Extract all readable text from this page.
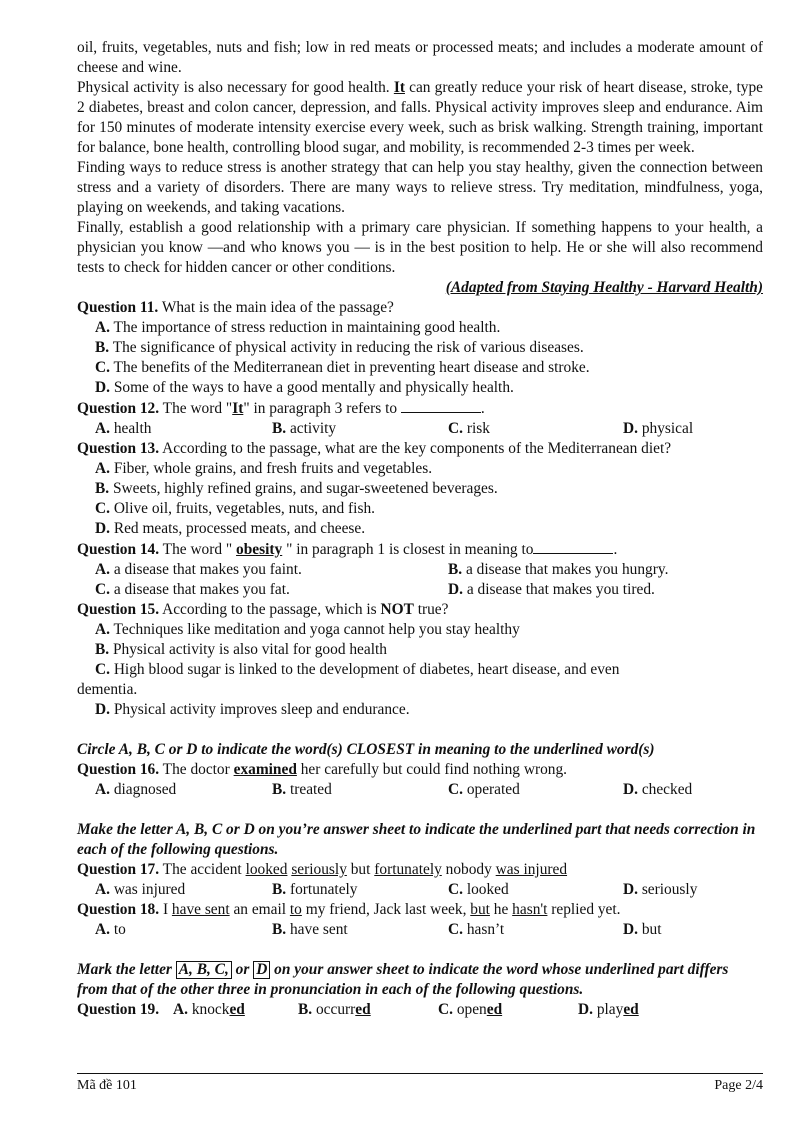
oil, fruits, vegetables, nuts and fish; low in red meats or processed meats; and includes a moderate amount of cheese and wine.

Physical activity is also necessary for good health. It can greatly reduce your risk of heart disease, stroke, type 2 diabetes, breast and colon cancer, depression, and falls. Physical activity improves sleep and endurance. Aim for 150 minutes of moderate intensity exercise every week, such as brisk walking. Strength training, important for balance, bone health, controlling blood sugar, and mobility, is recommended 2-3 times per week.

Finding ways to reduce stress is another strategy that can help you stay healthy, given the connection between stress and a variety of disorders. There are many ways to relieve stress. Try meditation, mindfulness, yoga, playing on weekends, and taking vacations.

Finally, establish a good relationship with a primary care physician. If something happens to your health, a physician you know —and who knows you — is in the best position to help. He or she will also recommend tests to check for hidden cancer or other conditions.

(Adapted from Staying Healthy - Harvard Health)

Question 11. What is the main idea of the passage?

A. The importance of stress reduction in maintaining good health.

B. The significance of physical activity in reducing the risk of various diseases.

C. The benefits of the Mediterranean diet in preventing heart disease and stroke.

D. Some of the ways to have a good mentally and physically health.

Question 12. The word "It" in paragraph 3 refers to	.

A. health	B. activity	C. risk	D. physical

Question 13. According to the passage, what are the key components of the Mediterranean diet?

A. Fiber, whole grains, and fresh fruits and vegetables.

B. Sweets, highly refined grains, and sugar-sweetened beverages.

C. Olive oil, fruits, vegetables, nuts, and fish.

D. Red meats, processed meats, and cheese.

Question 14. The word " obesity " in paragraph 1 is closest in meaning to	.

A. a disease that makes you faint.	B. a disease that makes you hungry.
C. a disease that makes you fat.	D. a disease that makes you tired.

Question 15. According to the passage, which is NOT true?

A. Techniques like meditation and yoga cannot help you stay healthy

B. Physical activity is also vital for good health

C. High blood sugar is linked to the development of diabetes, heart disease, and even

dementia.

D. Physical activity improves sleep and endurance.

Circle A, B, C or D to indicate the word(s) CLOSEST in meaning to the underlined word(s)

Question 16. The doctor examined her carefully but could find nothing wrong.

A. diagnosed	B. treated	C. operated	D. checked

Make the letter A, B, C or D on you’re answer sheet to indicate the underlined part that needs correction in each of the following questions.

Question 17. The accident looked seriously but fortunately nobody was injured

A. was injured	B. fortunately	C. looked	D. seriously

Question 18. I have sent an email to my friend, Jack last week, but he hasn't replied yet.

A. to	B. have sent	C. hasn’t	D. but

Mark the letter A, B, C, or D on your answer sheet to indicate the word whose underlined part differs from that of the other three in pronunciation in each of the following questions.

Question 19. A. knocked	B. occurred	C. opened	D. played
Mã đề 101	Page 2/4
